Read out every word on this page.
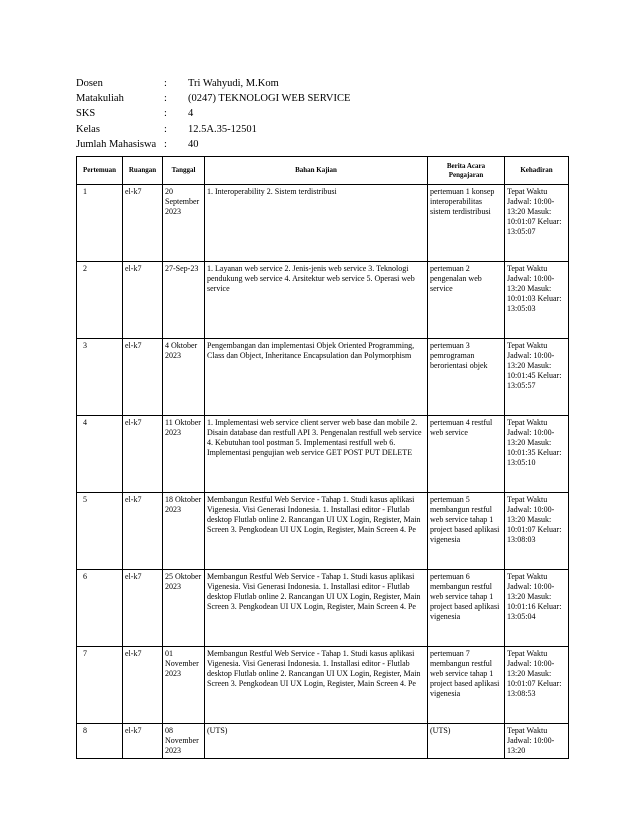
Dosen	:	Tri Wahyudi, M.Kom
Matakuliah	:	(0247) TEKNOLOGI WEB SERVICE
SKS	:	4
Kelas	:	12.5A.35-12501
Jumlah Mahasiswa :	40
Pertemuan	Ruangan	Tanggal	Bahan Kajian	Berita Acara Pengajaran	Kehadiran
1	el-k7	20 September 2023	1. Interoperability 2. Sistem terdistribusi	pertemuan 1 konsep interoperabilitas sistem terdistribusi	Tepat Waktu Jadwal: 10:00-13:20 Masuk: 10:01:07 Keluar: 13:05:07
2	el-k7	27-Sep-23	1. Layanan web service 2. Jenis-jenis web service 3. Teknologi pendukung web service 4. Arsitektur web service 5. Operasi web service	pertemuan 2 pengenalan web service	Tepat Waktu Jadwal: 10:00-13:20 Masuk: 10:01:03 Keluar: 13:05:03
3	el-k7	4 Oktober 2023	Pengembangan dan implementasi Objek Oriented Programming, Class dan Object, Inheritance Encapsulation dan Polymorphism	pertemuan 3 pemrograman berorientasi objek	Tepat Waktu Jadwal: 10:00-13:20 Masuk: 10:01:45 Keluar: 13:05:57
4	el-k7	11 Oktober 2023	1. Implementasi web service client server web base dan mobile 2. Disain database dan restfull API 3. Pengenalan restfull web service 4. Kebutuhan tool postman 5. Implementasi restfull web 6. Implementasi pengujian web service GET POST PUT DELETE	pertemuan 4 restful web service	Tepat Waktu Jadwal: 10:00-13:20 Masuk: 10:01:35 Keluar: 13:05:10
5	el-k7	18 Oktober 2023	Membangun Restful Web Service - Tahap 1. Studi kasus aplikasi Vigenesia. Visi Generasi Indonesia. 1. Installasi editor - Flutlab desktop Flutlab online 2. Rancangan UI UX Login, Register, Main Screen 3. Pengkodean UI UX Login, Register, Main Screen 4. Pe	pertemuan 5 membangun restful web service tahap 1 project based aplikasi vigenesia	Tepat Waktu Jadwal: 10:00-13:20 Masuk: 10:01:07 Keluar: 13:08:03
6	el-k7	25 Oktober 2023	Membangun Restful Web Service - Tahap 1. Studi kasus aplikasi Vigenesia. Visi Generasi Indonesia. 1. Installasi editor - Flutlab desktop Flutlab online 2. Rancangan UI UX Login, Register, Main Screen 3. Pengkodean UI UX Login, Register, Main Screen 4. Pe	pertemuan 6 membangun restful web service tahap 1 project based aplikasi vigenesia	Tepat Waktu Jadwal: 10:00-13:20 Masuk: 10:01:16 Keluar: 13:05:04
7	el-k7	01 November 2023	Membangun Restful Web Service - Tahap 1. Studi kasus aplikasi Vigenesia. Visi Generasi Indonesia. 1. Installasi editor - Flutlab desktop Flutlab online 2. Rancangan UI UX Login, Register, Main Screen 3. Pengkodean UI UX Login, Register, Main Screen 4. Pe	pertemuan 7 membangun restful web service tahap 1 project based aplikasi vigenesia	Tepat Waktu Jadwal: 10:00-13:20 Masuk: 10:01:07 Keluar: 13:08:53
8	el-k7	08 November 2023	(UTS)	(UTS)	Tepat Waktu Jadwal: 10:00-13:20
